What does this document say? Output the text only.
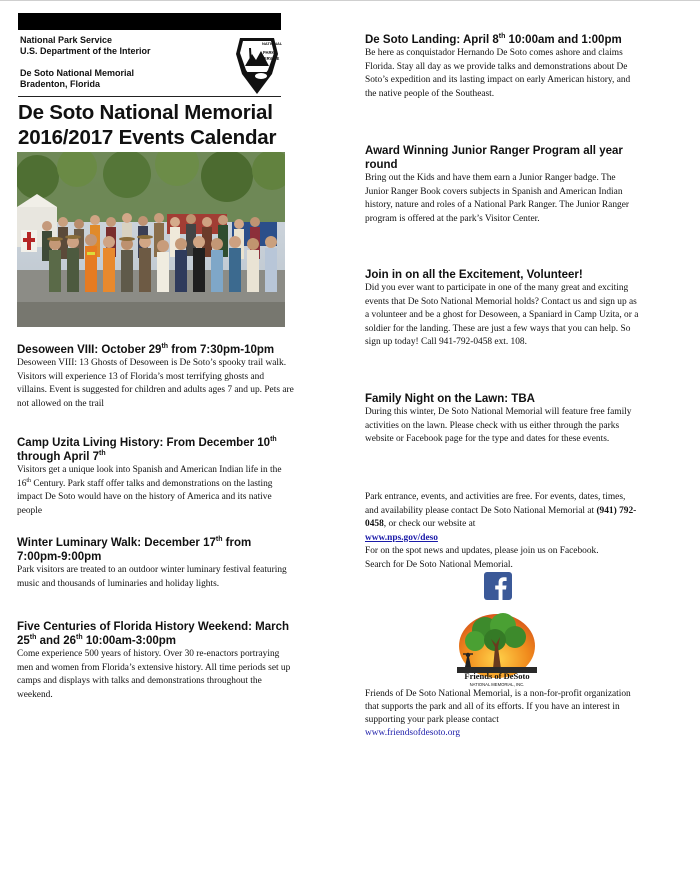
National Park Service
U.S. Department of the Interior
De Soto National Memorial
Bradenton, Florida
NATIONAL
PARK
SERVICE
De Soto National Memorial
2016/2017 Events Calendar
Desoween VIII: October 29th from 7:30pm-10pm

Desoween VIII: 13 Ghosts of Desoween is De Soto’s spooky trail walk. Visitors will experience 13 of Florida’s most terrifying ghosts and villains. Event is suggested for children and adults ages 7 and up. Pets are not allowed on the trail

Camp Uzita Living History: From December 10th
through April 7th

Visitors get a unique look into Spanish and American Indian life in the 16th Century. Park staff offer talks and demonstrations on the lasting impact De Soto would have on the history of America and its native people

Winter Luminary Walk: December 17th from 7:00pm-9:00pm

Park visitors are treated to an outdoor winter luminary festival featuring music and thousands of luminaries and holiday lights.

Five Centuries of Florida History Weekend: March 25th and 26th 10:00am-3:00pm

Come experience 500 years of history. Over 30 re-enactors portraying men and women from Florida’s extensive history. All time periods set up camps and displays with talks and demonstrations throughout the weekend.

De Soto Landing: April 8th 10:00am and 1:00pm

Be here as conquistador Hernando De Soto comes ashore and claims Florida. Stay all day as we provide talks and demonstrations about De Soto’s expedition and its lasting impact on early American history, and the native people of the Southeast.

Award Winning Junior Ranger Program all year round

Bring out the Kids and have them earn a Junior Ranger badge. The Junior Ranger Book covers subjects in Spanish and American Indian history, nature and roles of a National Park Ranger. The Junior Ranger program is offered at the park’s Visitor Center.

Join in on all the Excitement, Volunteer!

Did you ever want to participate in one of the many great and exciting events that De Soto National Memorial holds? Contact us and sign up as a volunteer and be a ghost for Desoween, a Spaniard in Camp Uzita, or a soldier for the landing. These are just a few ways that you can help. So sign up today! Call 941-792-0458 ext. 108.

Family Night on the Lawn: TBA

During this winter, De Soto National Memorial will feature free family activities on the lawn. Please check with us either through the parks website or Facebook page for the type and dates for these events.

Park entrance, events, and activities are free. For events, dates, times, and availability please contact De Soto National Memorial at (941) 792-0458, or check our website at

www.nps.gov/deso

For on the spot news and updates, please join us on Facebook.

Search for De Soto National Memorial.

Friends of DeSoto
NATIONAL MEMORIAL, INC.

Friends of De Soto National Memorial, is a non-for-profit organization that supports the park and all of its efforts. If you have an interest in supporting your park please contact

www.friendsofdesoto.org
